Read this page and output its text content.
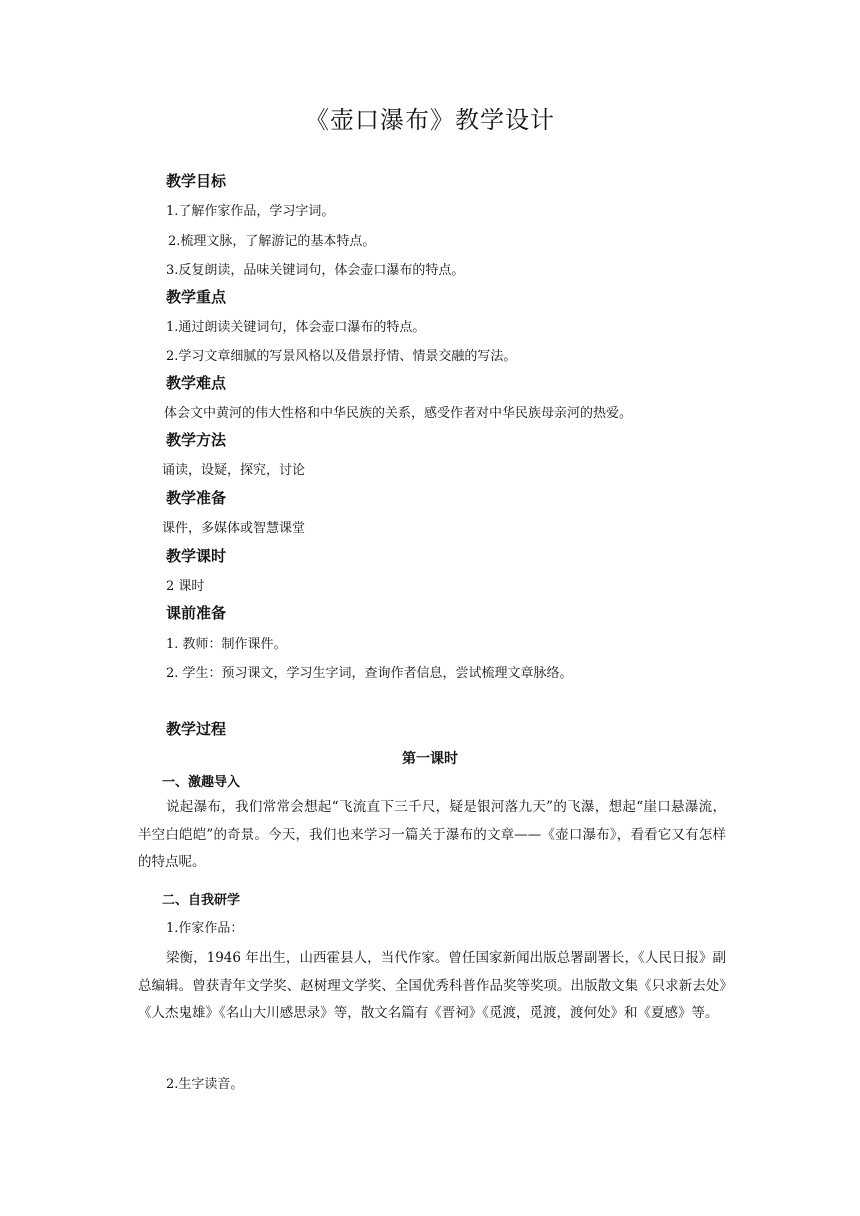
《壶口瀑布》教学设计
教学目标
1.了解作家作品，学习字词。
2.梳理文脉，了解游记的基本特点。
3.反复朗读，品味关键词句，体会壶口瀑布的特点。
教学重点
1.通过朗读关键词句，体会壶口瀑布的特点。
2.学习文章细腻的写景风格以及借景抒情、情景交融的写法。
教学难点
体会文中黄河的伟大性格和中华民族的关系，感受作者对中华民族母亲河的热爱。
教学方法
诵读，设疑，探究，讨论
教学准备
课件，多媒体或智慧课堂
教学课时
2 课时
课前准备
1. 教师：制作课件。
2. 学生：预习课文，学习生字词，查询作者信息，尝试梳理文章脉络。
教学过程
第一课时
一、激趣导入
说起瀑布，我们常常会想起“飞流直下三千尺，疑是银河落九天”的飞瀑，想起“崖口悬瀑流，半空白皑皑”的奇景。今天，我们也来学习一篇关于瀑布的文章——《壶口瀑布》，看看它又有怎样的特点呢。
二、自我研学
1.作家作品：
梁衡，1946 年出生，山西霍县人，当代作家。曾任国家新闻出版总署副署长，《人民日报》副总编辑。曾获青年文学奖、赵树理文学奖、全国优秀科普作品奖等奖项。出版散文集《只求新去处》《人杰鬼雄》《名山大川感思录》等，散文名篇有《晋祠》《觅渡，觅渡，渡何处》和《夏感》等。
2.生字读音。
